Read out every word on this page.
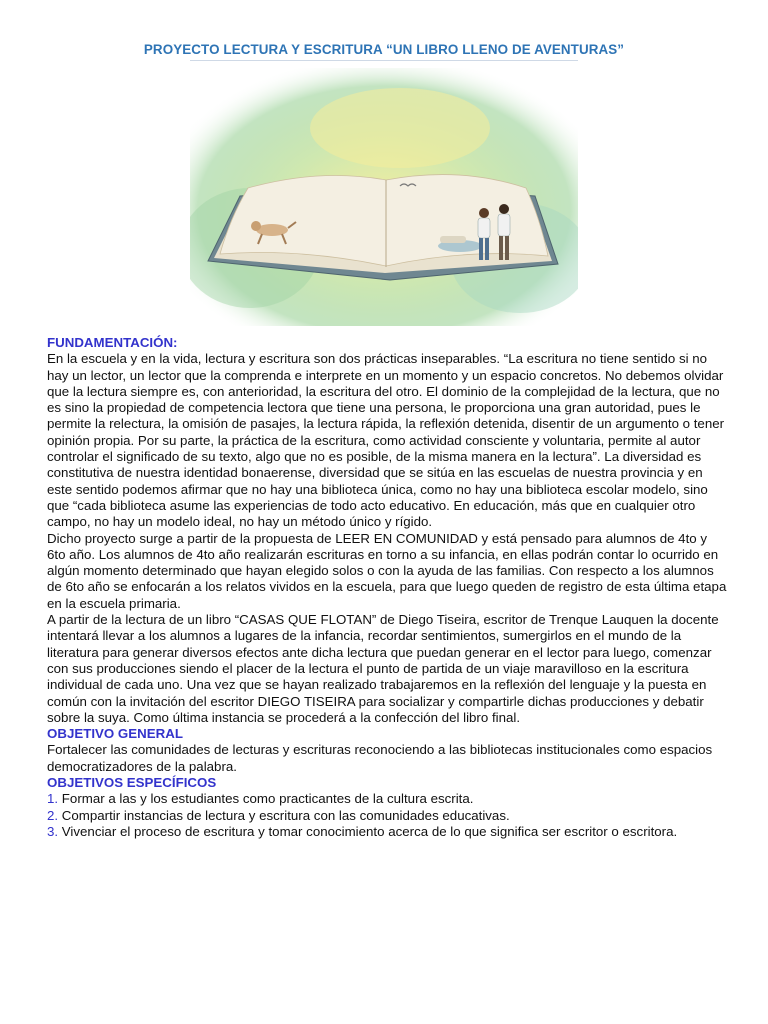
PROYECTO LECTURA Y ESCRITURA “UN LIBRO LLENO DE AVENTURAS”

FUNDAMENTACIÓN:

En la escuela y en la vida, lectura y escritura son dos prácticas inseparables. “La escritura no tiene sentido si no hay un lector, un lector que la comprenda e interprete en un momento y un espacio concretos. No debemos olvidar que la lectura siempre es, con anterioridad, la escritura del otro. El dominio de la complejidad de la lectura, que no es sino la propiedad de competencia lectora que tiene una persona, le proporciona una gran autoridad, pues le permite la relectura, la omisión de pasajes, la lectura rápida, la reflexión detenida, disentir de un argumento o tener opinión propia. Por su parte, la práctica de la escritura, como actividad consciente y voluntaria, permite al autor controlar el significado de su texto, algo que no es posible, de la misma manera en la lectura”. La diversidad es constitutiva de nuestra identidad bonaerense, diversidad que se sitúa en las escuelas de nuestra provincia y en este sentido podemos afirmar que no hay una biblioteca única, como no hay una biblioteca escolar modelo, sino que “cada biblioteca asume las experiencias de todo acto educativo. En educación, más que en cualquier otro campo, no hay un modelo ideal, no hay un método único y rígido.

Dicho proyecto surge a partir de la propuesta de LEER EN COMUNIDAD y está pensado para alumnos de 4to y 6to año. Los alumnos de 4to año realizarán escrituras en torno a su infancia, en ellas podrán contar lo ocurrido en algún momento determinado que hayan elegido solos o con la ayuda de las familias. Con respecto a los alumnos de 6to año se enfocarán a los relatos vividos en la escuela, para que luego queden de registro de esta última etapa en la escuela primaria.

A partir de la lectura de un libro “CASAS QUE FLOTAN” de Diego Tiseira, escritor de Trenque Lauquen la docente intentará llevar a los alumnos a lugares de la infancia, recordar sentimientos, sumergirlos en el mundo de la literatura para generar diversos efectos ante dicha lectura que puedan generar en el lector para luego, comenzar con sus producciones siendo el placer de la lectura el punto de partida de un viaje maravilloso en la escritura individual de cada uno. Una vez que se hayan realizado trabajaremos en la reflexión del lenguaje y la puesta en común con la invitación del escritor DIEGO TISEIRA para socializar y compartirle dichas producciones y debatir sobre la suya. Como última instancia se procederá a la confección del libro final.

OBJETIVO GENERAL

Fortalecer las comunidades de lecturas y escrituras reconociendo a las bibliotecas institucionales como espacios democratizadores de la palabra.

OBJETIVOS ESPECÍFICOS

1. Formar a las y los estudiantes como practicantes de la cultura escrita.

2. Compartir instancias de lectura y escritura con las comunidades educativas.

3. Vivenciar el proceso de escritura y tomar conocimiento acerca de lo que significa ser escritor o escritora.
